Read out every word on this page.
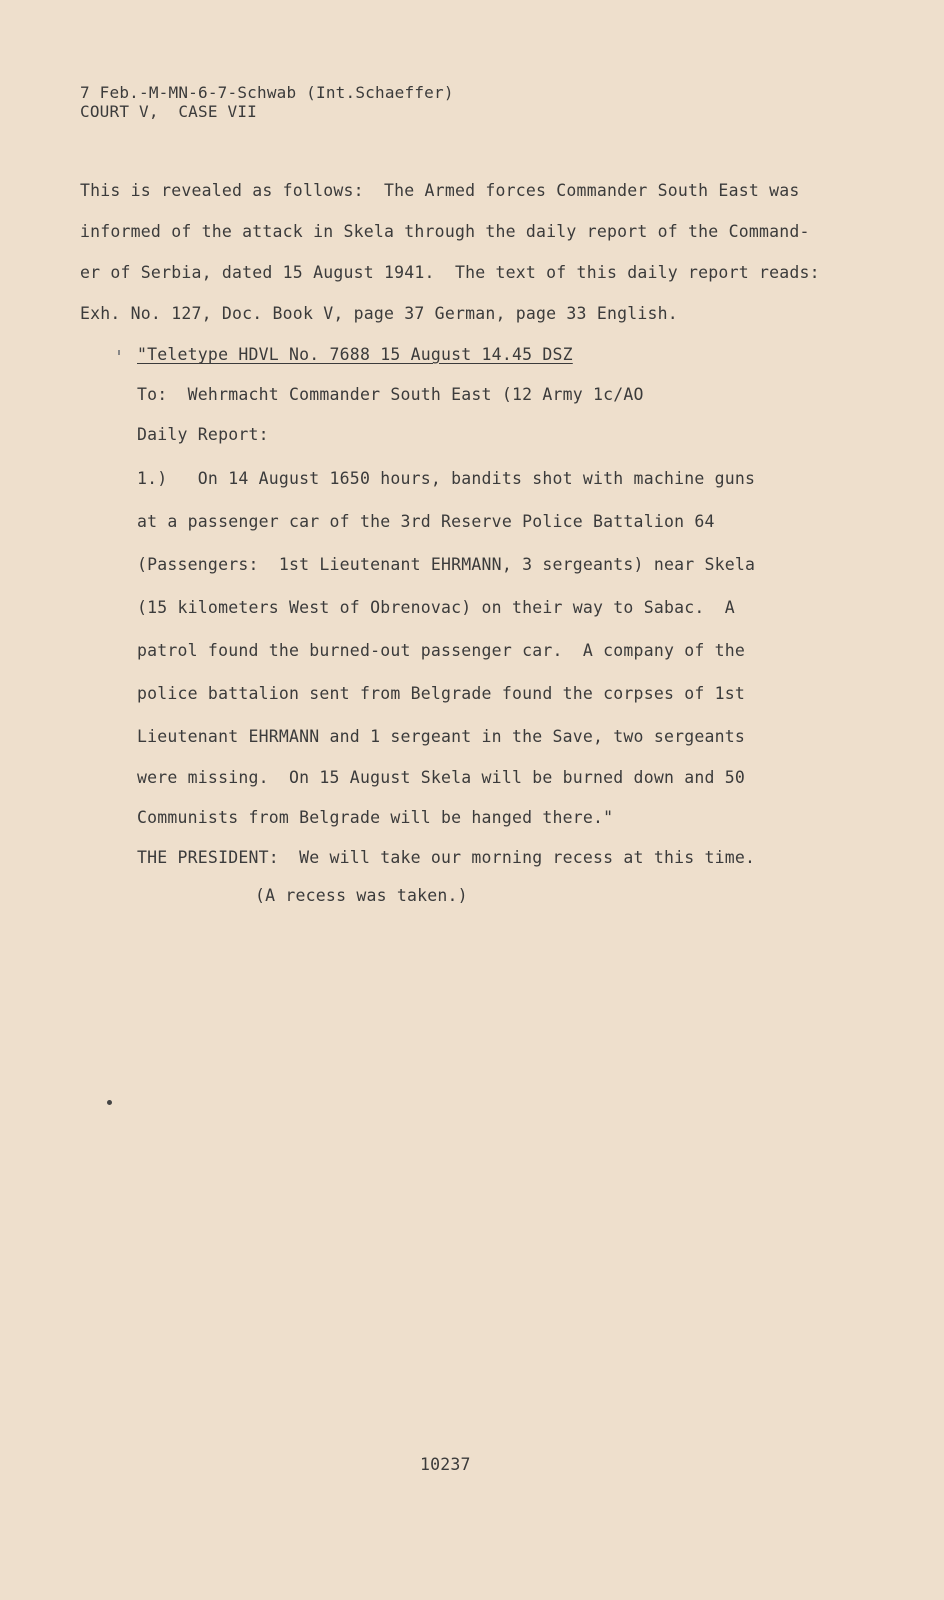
7 Feb.-M-MN-6-7-Schwab (Int.Schaeffer)
COURT V,  CASE VII
This is revealed as follows:  The Armed forces Commander South East was
informed of the attack in Skela through the daily report of the Command-
er of Serbia, dated 15 August 1941.  The text of this daily report reads:
Exh. No. 127, Doc. Book V, page 37 German, page 33 English.
"Teletype HDVL No. 7688 15 August 14.45 DSZ
To:  Wehrmacht Commander South East (12 Army 1c/AO
Daily Report:
1.)   On 14 August 1650 hours, bandits shot with machine guns
at a passenger car of the 3rd Reserve Police Battalion 64
(Passengers:  1st Lieutenant EHRMANN, 3 sergeants) near Skela
(15 kilometers West of Obrenovac) on their way to Sabac.  A
patrol found the burned-out passenger car.  A company of the
police battalion sent from Belgrade found the corpses of 1st
Lieutenant EHRMANN and 1 sergeant in the Save, two sergeants
were missing.  On 15 August Skela will be burned down and 50
Communists from Belgrade will be hanged there."
THE PRESIDENT:  We will take our morning recess at this time.
(A recess was taken.)
10237
